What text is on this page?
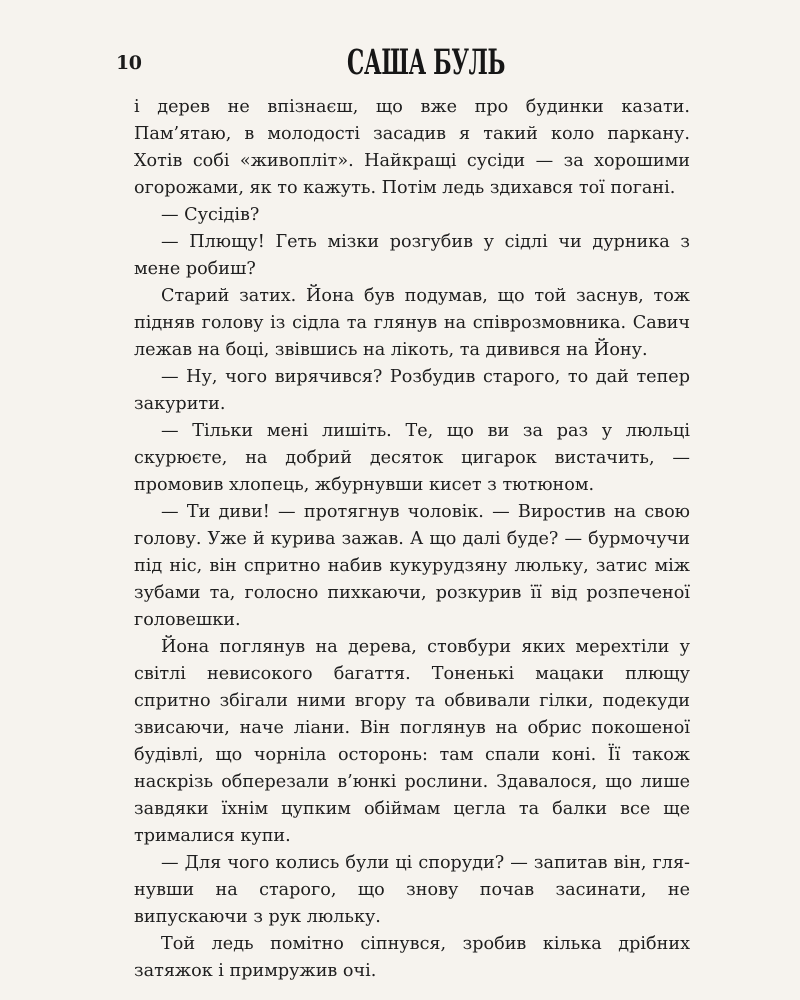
10	САША БУЛЬ

і дерев не впізнаєш, що вже про будинки казати. Пам’ятаю, в молодості засадив я такий коло паркану. Хотів собі «живопліт». Найкращі сусіди — за хорошими огорожами, як то кажуть. Потім ледь здихався тої погані.

— Сусідів?

— Плющу! Геть мізки розгубив у сідлі чи дурника з мене робиш?

Старий затих. Йона був подумав, що той заснув, тож підняв голову із сідла та глянув на співрозмовника. Савич лежав на боці, звівшись на лікоть, та дивився на Йону.

— Ну, чого вирячився? Розбудив старого, то дай тепер закурити.

— Тільки мені лишіть. Те, що ви за раз у люльці скурюєте, на добрий десяток цигарок вистачить, — промовив хлопець, жбурнувши кисет з тютюном.

— Ти диви! — протягнув чоловік. — Виростив на свою голову. Уже й курива зажав. А що далі буде? — бурмочучи під ніс, він спритно набив кукурудзяну люльку, затис між зубами та, голосно пихкаючи, розкурив її від розпеченої головешки.

Йона поглянув на дерева, стовбури яких мерехтіли у світлі невисокого багаття. Тоненькі мацаки плющу спритно збігали ними вгору та обвивали гілки, подекуди звисаючи, наче ліани. Він поглянув на обрис покошеної будівлі, що чорніла осторонь: там спали коні. Її також наскрізь обперезали в’юнкі рослини. Здавалося, що лише завдяки їхнім цупким обіймам цегла та балки все ще трималися купи.

— Для чого колись були ці споруди? — запитав він, глянувши на старого, що знову почав засинати, не випускаючи з рук люльку.

Той ледь помітно сіпнувся, зробив кілька дрібних затяжок і примружив очі.
